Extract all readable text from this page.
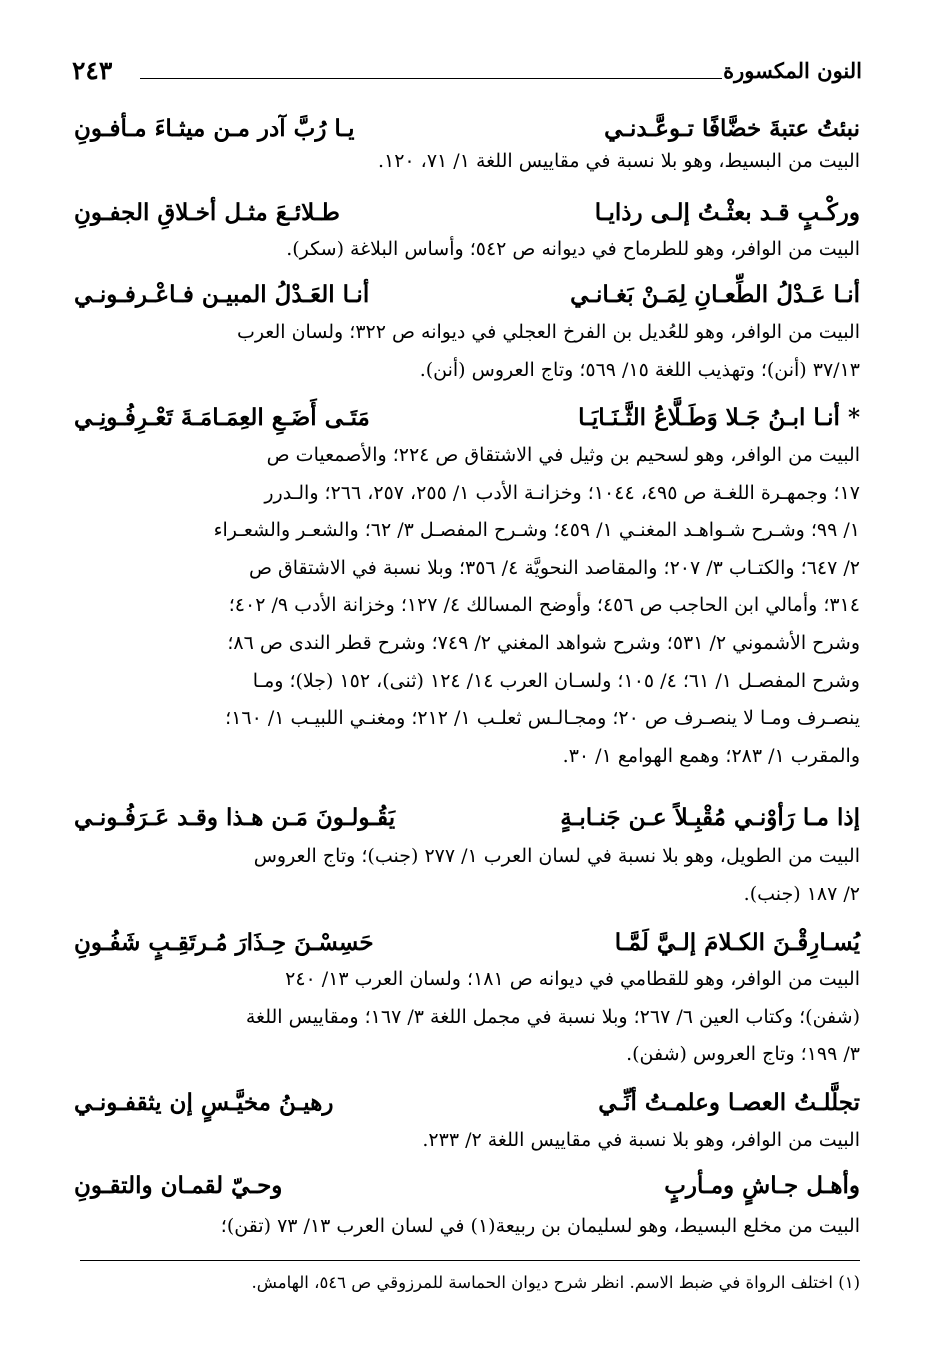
النون المكسورة
٢٤٣
نبئتُ عتبةَ خضَّافًا تـوعَّـدنـي
يـا رُبَّ آدر مـن ميثـاءَ مـأفـونِ

البيت من البسيط، وهو بلا نسبة في مقاييس اللغة ١/ ٧١، ١٢٠.

وركْـبٍ قـد بعثْـتُ إلـى رذايـا
طـلائـعَ مثـل أخـلاقِ الجفـونِ

البيت من الوافر، وهو للطرماح في ديوانه ص ٥٤٢؛ وأساس البلاغة (سكر).

أنـا عَـدْلُ الطِّعـانِ لِمَـنْ بَغـانـي
أنـا العَـدْلُ المبيـن فـاعْـرفـونـي

البيت من الوافر، وهو للعُديل بن الفرخ العجلي في ديوانه ص ٣٢٢؛ ولسان العرب

٣٧/١٣ (أنن)؛ وتهذيب اللغة ١٥/ ٥٦٩؛ وتاج العروس (أنن).

* أنـا ابـنُ جَـلا وَطَـلَّاعُ الثَّـنَـايَـا
مَتَـى أَضَـعِ العِمَـامَـةَ تَعْـرِفُـونِـي

البيت من الوافر، وهو لسحيم بن وثيل في الاشتقاق ص ٢٢٤؛ والأصمعيات ص

١٧؛ وجمهـرة اللغـة ص ٤٩٥، ١٠٤٤؛ وخزانـة الأدب ١/ ٢٥٥، ٢٥٧، ٢٦٦؛ والـدرر

١/ ٩٩؛ وشـرح شـواهـد المغنـي ١/ ٤٥٩؛ وشـرح المفصـل ٣/ ٦٢؛ والشعـر والشعـراء

٢/ ٦٤٧؛ والكتـاب ٣/ ٢٠٧؛ والمقاصد النحويَّة ٤/ ٣٥٦؛ وبلا نسبة في الاشتقاق ص

٣١٤؛ وأمالي ابن الحاجب ص ٤٥٦؛ وأوضح المسالك ٤/ ١٢٧؛ وخزانة الأدب ٩/ ٤٠٢؛

وشرح الأشموني ٢/ ٥٣١؛ وشرح شواهد المغني ٢/ ٧٤٩؛ وشرح قطر الندى ص ٨٦؛

وشرح المفصـل ١/ ٦١؛ ٤/ ١٠٥؛ ولسـان العرب ١٤/ ١٢٤ (ثنى)، ١٥٢ (جلا)؛ ومـا

ينصـرف ومـا لا ينصـرف ص ٢٠؛ ومجـالـس ثعلـب ١/ ٢١٢؛ ومغنـي اللبيـب ١/ ١٦٠؛

والمقرب ١/ ٢٨٣؛ وهمع الهوامع ١/ ٣٠.

إذا مـا رَأوْنـي مُقْبِـلاً عـن جَنـابـةٍ
يَقُـولـونَ مَـن هـذا وقـد عَـرَفُـونـي

البيت من الطويل، وهو بلا نسبة في لسان العرب ١/ ٢٧٧ (جنب)؛ وتاج العروس

٢/ ١٨٧ (جنب).

يُسـارِقْـنَ الكـلامَ إلـيَّ لَمَّـا
حَسِسْـنَ حِـذَارَ مُـرتَقِـبٍ شَفُـونِ

البيت من الوافر، وهو للقطامي في ديوانه ص ١٨١؛ ولسان العرب ١٣/ ٢٤٠

(شفن)؛ وكتاب العين ٦/ ٢٦٧؛ وبلا نسبة في مجمل اللغة ٣/ ١٦٧؛ ومقاييس اللغة

٣/ ١٩٩؛ وتاج العروس (شفن).

تجلَّلـتُ العصـا وعلمـتُ أنِّـي
رهيـنُ مخيَّـسٍ إن يثقفـونـي

البيت من الوافر، وهو بلا نسبة في مقاييس اللغة ٢/ ٢٣٣.

وأهـل جـاشٍ ومـأربٍ
وحـيّ لقمـان والتقـونِ

البيت من مخلع البسيط، وهو لسليمان بن ربيعة(١) في لسان العرب ١٣/ ٧٣ (تقن)؛

(١) اختلف الرواة في ضبط الاسم. انظر شرح ديوان الحماسة للمرزوقي ص ٥٤٦، الهامش.
